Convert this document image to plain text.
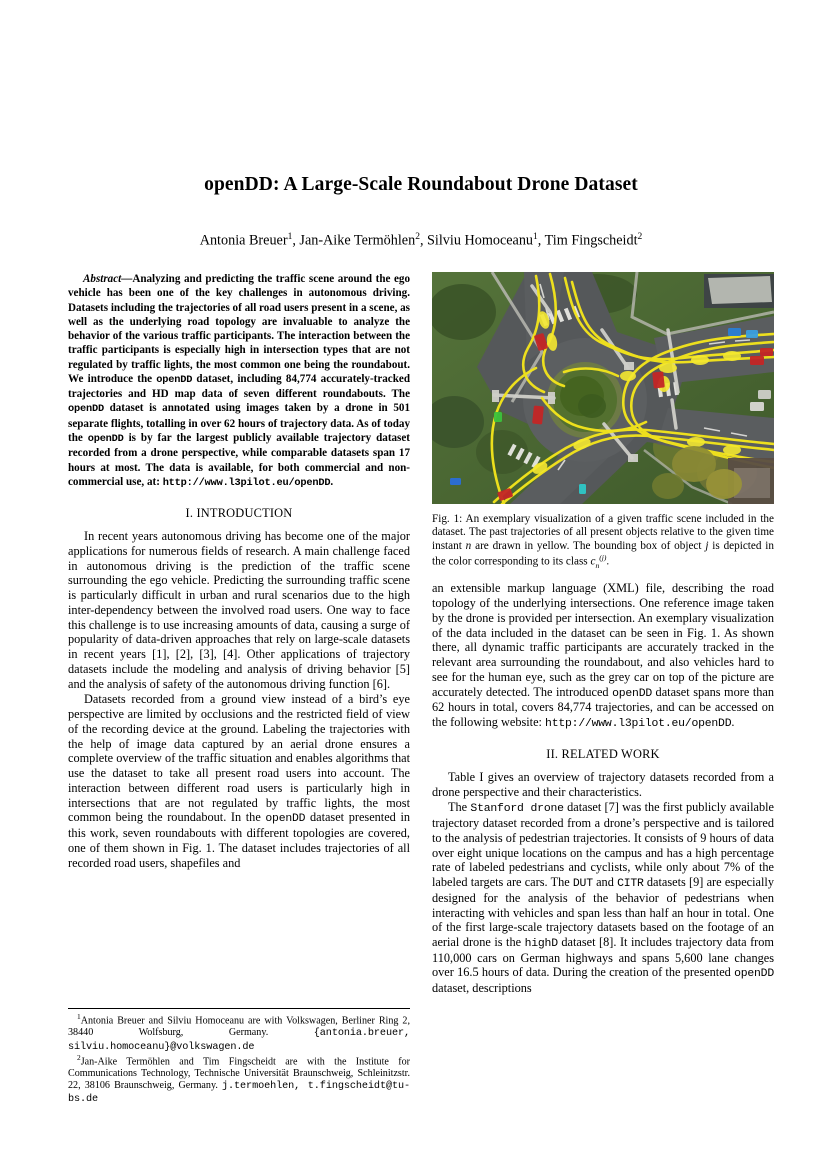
openDD: A Large-Scale Roundabout Drone Dataset
Antonia Breuer$^1$, Jan-Aike Termöhlen$^2$, Silviu Homoceanu$^1$, Tim Fingscheidt$^2$

Abstract—Analyzing and predicting the traffic scene around the ego vehicle has been one of the key challenges in autonomous driving. Datasets including the trajectories of all road users present in a scene, as well as the underlying road topology are invaluable to analyze the behavior of the various traffic participants. The interaction between the traffic participants is especially high in intersection types that are not regulated by traffic lights, the most common one being the roundabout. We introduce the openDD dataset, including 84,774 accurately-tracked trajectories and HD map data of seven different roundabouts. The openDD dataset is annotated using images taken by a drone in 501 separate flights, totalling in over 62 hours of trajectory data. As of today the openDD is by far the largest publicly available trajectory dataset recorded from a drone perspective, while comparable datasets span 17 hours at most. The data is available, for both commercial and non-commercial use, at: http://www.l3pilot.eu/openDD.

I. INTRODUCTION

In recent years autonomous driving has become one of the major applications for numerous fields of research. A main challenge faced in autonomous driving is the prediction of the traffic scene surrounding the ego vehicle. Predicting the surrounding traffic scene is particularly difficult in urban and rural scenarios due to the high inter-dependency between the involved road users. One way to face this challenge is to use increasing amounts of data, causing a surge of popularity of data-driven approaches that rely on large-scale datasets in recent years [1], [2], [3], [4]. Other applications of trajectory datasets include the modeling and analysis of driving behavior [5] and the analysis of safety of the autonomous driving function [6].

Datasets recorded from a ground view instead of a bird’s eye perspective are limited by occlusions and the restricted field of view of the recording device at the ground. Labeling the trajectories with the help of image data captured by an aerial drone ensures a complete overview of the traffic situation and enables algorithms that use the dataset to take all present road users into account. The interaction between different road users is particularly high in intersections that are not regulated by traffic lights, the most common being the roundabout. In the openDD dataset presented in this work, seven roundabouts with different topologies are covered, one of them shown in Fig. 1. The dataset includes trajectories of all recorded road users, shapefiles and

$^1$Antonia Breuer and Silviu Homoceanu are with Volkswagen, Berliner Ring 2, 38440 Wolfsburg, Germany. {antonia.breuer, silviu.homoceanu}@volkswagen.de

$^2$Jan-Aike Termöhlen and Tim Fingscheidt are with the Institute for Communications Technology, Technische Universität Braunschweig, Schleinitzstr. 22, 38106 Braunschweig, Germany. j.termoehlen, t.fingscheidt@tu-bs.de

Fig. 1: An exemplary visualization of a given traffic scene included in the dataset. The past trajectories of all present objects relative to the given time instant n are drawn in yellow. The bounding box of object j is depicted in the color corresponding to its class $c_n^{(j)}$.

an extensible markup language (XML) file, describing the road topology of the underlying intersections. One reference image taken by the drone is provided per intersection. An exemplary visualization of the data included in the dataset can be seen in Fig. 1. As shown there, all dynamic traffic participants are accurately tracked in the relevant area surrounding the roundabout, and also vehicles hard to see for the human eye, such as the grey car on top of the picture are accurately detected. The introduced openDD dataset spans more than 62 hours in total, covers 84,774 trajectories, and can be accessed on the following website: http://www.l3pilot.eu/openDD.

II. RELATED WORK

Table I gives an overview of trajectory datasets recorded from a drone perspective and their characteristics.

The Stanford drone dataset [7] was the first publicly available trajectory dataset recorded from a drone’s perspective and is tailored to the analysis of pedestrian trajectories. It consists of 9 hours of data over eight unique locations on the campus and has a high percentage rate of labeled pedestrians and cyclists, while only about 7% of the labeled targets are cars. The DUT and CITR datasets [9] are especially designed for the analysis of the behavior of pedestrians when interacting with vehicles and span less than half an hour in total. One of the first large-scale trajectory datasets based on the footage of an aerial drone is the highD dataset [8]. It includes trajectory data from 110,000 cars on German highways and spans 5,600 lane changes over 16.5 hours of data. During the creation of the presented openDD dataset, descriptions
